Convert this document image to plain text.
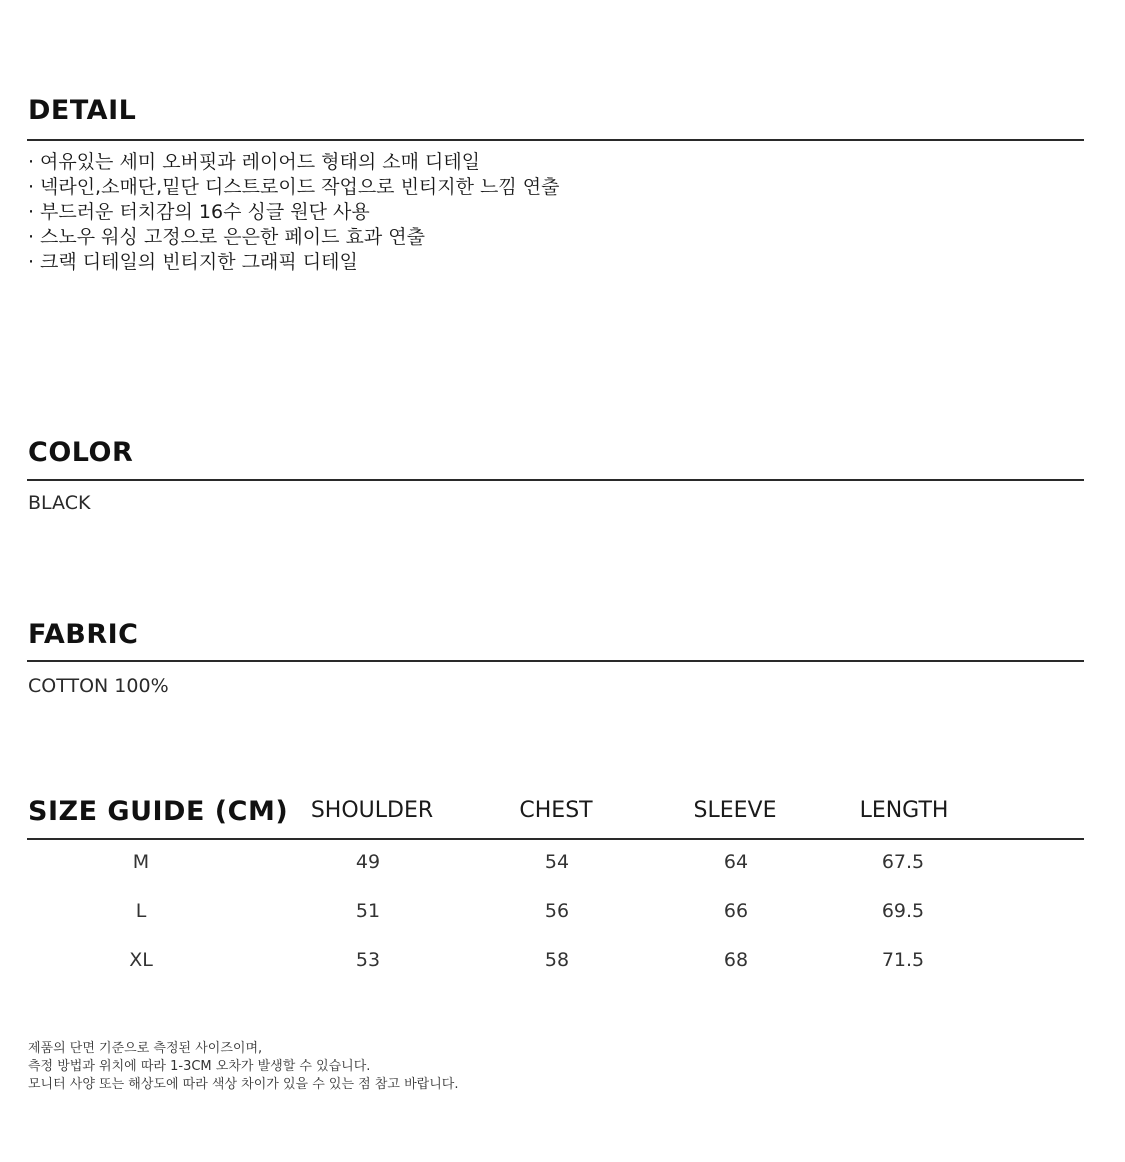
DETAIL
· 여유있는 세미 오버핏과 레이어드 형태의 소매 디테일
· 넥라인,소매단,밑단 디스트로이드 작업으로 빈티지한 느낌 연출
· 부드러운 터치감의 16수 싱글 원단 사용
· 스노우 워싱 고정으로 은은한 페이드 효과 연출
· 크랙 디테일의 빈티지한 그래픽 디테일
COLOR
BLACK
FABRIC
COTTON 100%
SIZE GUIDE (CM) SHOULDER	CHEST	SLEEVE	LENGTH
M	49	54	64	67.5
L	51	56	66	69.5
XL	53	58	68	71.5
제품의 단면 기준으로 측정된 사이즈이며,
측정 방법과 위치에 따라 1-3CM 오차가 발생할 수 있습니다.
모니터 사양 또는 해상도에 따라 색상 차이가 있을 수 있는 점 참고 바랍니다.
